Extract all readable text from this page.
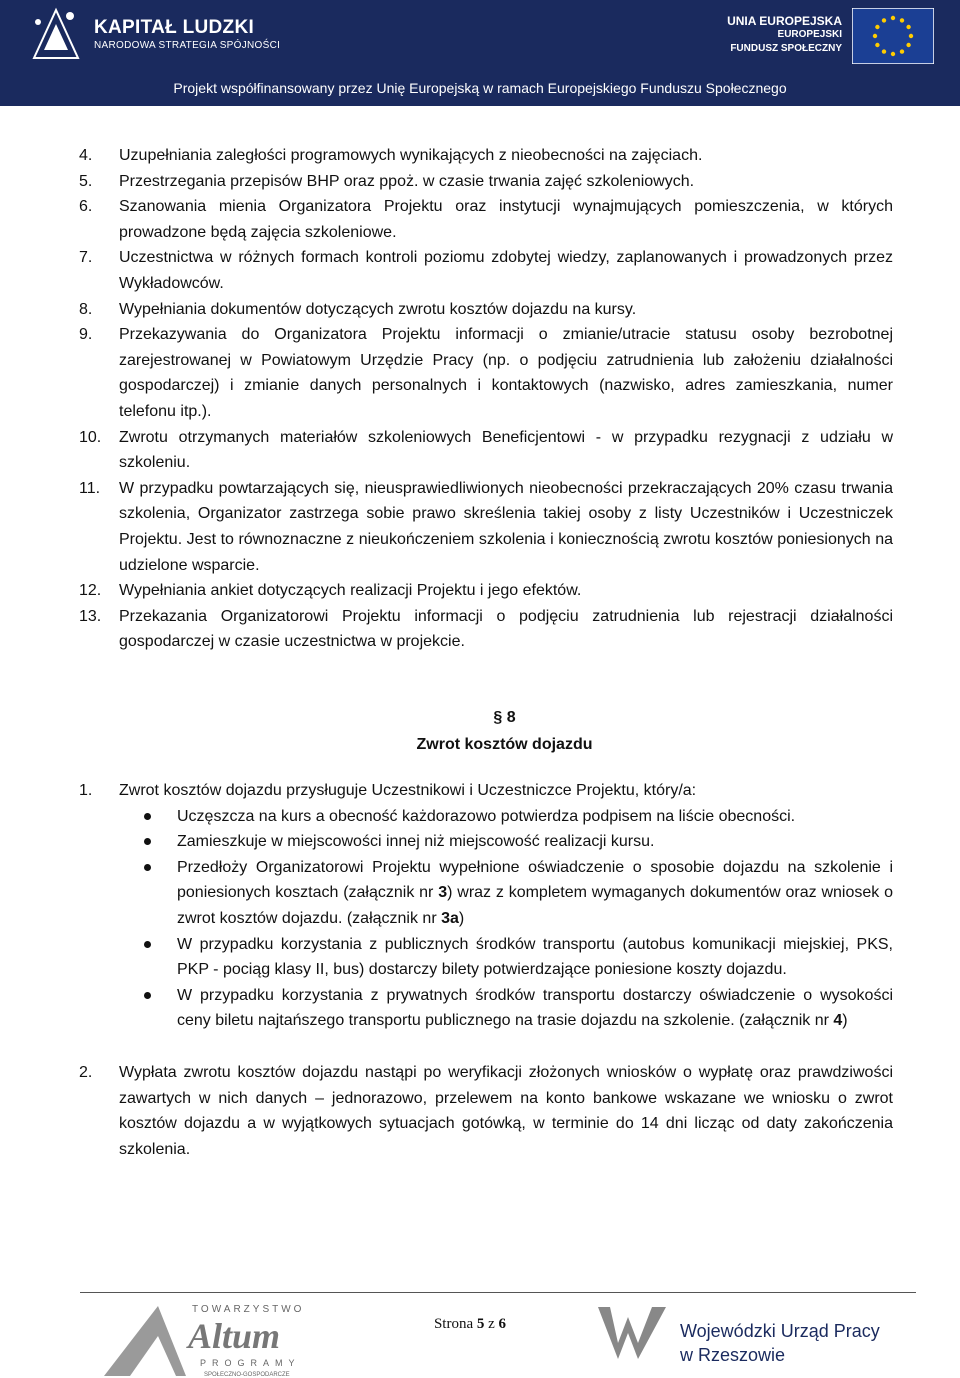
KAPITAŁ LUDZKI
NARODOWA STRATEGIA SPÓJNOŚCI
UNIA EUROPEJSKA
EUROPEJSKI
FUNDUSZ SPOŁECZNY
Projekt współfinansowany przez Unię Europejską w ramach Europejskiego Funduszu Społecznego
4.	Uzupełniania zaległości programowych wynikających z nieobecności na zajęciach.
5.	Przestrzegania przepisów BHP oraz ppoż. w czasie trwania zajęć szkoleniowych.
6.	Szanowania mienia Organizatora Projektu oraz instytucji wynajmujących pomieszczenia, w których prowadzone będą zajęcia szkoleniowe.
7.	Uczestnictwa w różnych formach kontroli poziomu zdobytej wiedzy, zaplanowanych i prowadzonych przez Wykładowców.
8.	Wypełniania dokumentów dotyczących zwrotu kosztów dojazdu na kursy.
9.	Przekazywania do Organizatora Projektu informacji o zmianie/utracie statusu osoby bezrobotnej zarejestrowanej w Powiatowym Urzędzie Pracy (np. o podjęciu zatrudnienia lub założeniu działalności gospodarczej) i zmianie danych personalnych i kontaktowych (nazwisko, adres zamieszkania, numer telefonu itp.).
10.	Zwrotu otrzymanych materiałów szkoleniowych Beneficjentowi - w przypadku rezygnacji z udziału w szkoleniu.
11.	W przypadku powtarzających się, nieusprawiedliwionych nieobecności przekraczających 20% czasu trwania szkolenia, Organizator zastrzega sobie prawo skreślenia takiej osoby z listy Uczestników i Uczestniczek Projektu. Jest to równoznaczne z nieukończeniem szkolenia i koniecznością zwrotu kosztów poniesionych na udzielone wsparcie.
12.	Wypełniania ankiet dotyczących realizacji Projektu i jego efektów.
13.	Przekazania Organizatorowi Projektu informacji o podjęciu zatrudnienia lub rejestracji działalności gospodarczej w czasie uczestnictwa w projekcie.
§ 8
Zwrot kosztów dojazdu
1.	Zwrot kosztów dojazdu przysługuje Uczestnikowi i Uczestniczce Projektu, który/a:
Uczęszcza na kurs a obecność każdorazowo potwierdza podpisem na liście obecności.
Zamieszkuje w miejscowości innej niż miejscowość realizacji kursu.
Przedłoży Organizatorowi Projektu wypełnione oświadczenie o sposobie dojazdu na szkolenie i poniesionych kosztach (załącznik nr 3) wraz z kompletem wymaganych dokumentów oraz wniosek o zwrot kosztów dojazdu. (załącznik nr 3a)
W przypadku korzystania z publicznych środków transportu (autobus komunikacji miejskiej, PKS, PKP - pociąg klasy II, bus) dostarczy bilety potwierdzające poniesione koszty dojazdu.
W przypadku korzystania z prywatnych środków transportu dostarczy oświadczenie o wysokości ceny biletu najtańszego transportu publicznego na trasie dojazdu na szkolenie. (załącznik nr 4)
2.	Wypłata zwrotu kosztów dojazdu nastąpi po weryfikacji złożonych wniosków o wypłatę oraz prawdziwości zawartych w nich danych – jednorazowo, przelewem na konto bankowe wskazane we wniosku o zwrot kosztów dojazdu a w wyjątkowych sytuacjach gotówką, w terminie do 14 dni licząc od daty zakończenia szkolenia.
TOWARZYSTWO
Altum
PROGRAMY
SPOŁECZNO-GOSPODARCZE
Strona 5 z 6	Wojewódzki Urząd Pracy
w Rzeszowie
